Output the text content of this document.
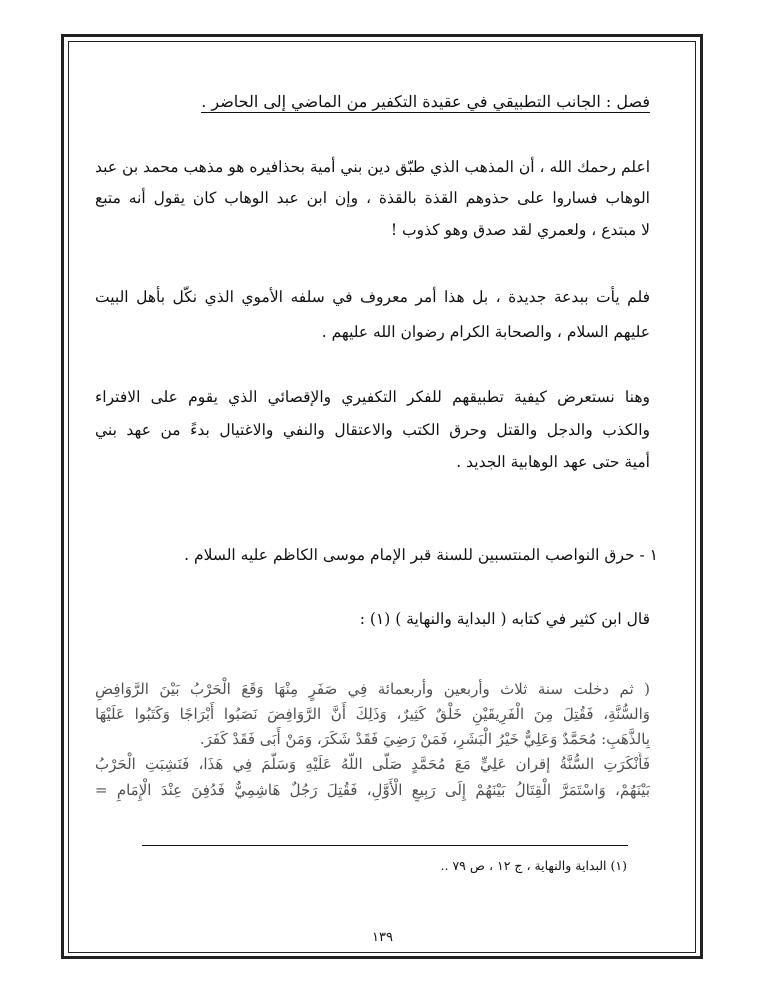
فصل : الجانب التطبيقي في عقيدة التكفير من الماضي إلى الحاضر .
اعلم رحمك الله ، أن المذهب الذي طبّق دين بني أمية بحذافيره هو مذهب محمد بن عبد
الوهاب فساروا على حذوهم القذة بالقذة ، وإن ابن عبد الوهاب كان يقول أنه متبع
لا مبتدع ، ولعمري لقد صدق وهو كذوب !
فلم يأت ببدعة جديدة ، بل هذا أمر معروف في سلفه الأموي الذي نكّل بأهل البيت
عليهم السلام ، والصحابة الكرام رضوان الله عليهم .
وهنا نستعرض كيفية تطبيقهم للفكر التكفيري والإقصائي الذي يقوم على الافتراء
والكذب والدجل والقتل وحرق الكتب والاعتقال والنفي والاغتيال بدءً من عهد بني
أمية حتى عهد الوهابية الجديد .
١ - حرق النواصب المنتسبين للسنة قبر الإمام موسى الكاظم عليه السلام .
قال ابن كثير في كتابه ( البداية والنهاية ) (١) :
( ثم دخلت سنة ثلاث وأربعين وأربعمائة فِي صَفَرٍ مِنْهَا وَقَعَ الْحَرْبُ بَيْنَ الرَّوَافِضِ
وَالسُّنَّةِ، فَقُتِلَ مِنَ الْفَرِيقَيْنِ خَلْقٌ كَثِيرٌ، وَذَلِكَ أَنَّ الرَّوَافِضَ نَصَبُوا أَبْرَاجًا وَكَتَبُوا عَلَيْهَا
بِالذَّهَبِ: مُحَمَّدٌ وَعَلِيٌّ خَيْرُ الْبَشَرِ، فَمَنْ رَضِيَ فَقَدْ شَكَرَ، وَمَنْ أَبَى فَقَدْ كَفَرَ.
فَأَنْكَرَتِ السُّنَّةُ إقران عَلِيٍّ مَعَ مُحَمَّدٍ صَلَّى اللَّهُ عَلَيْهِ وَسَلَّمَ فِي هَذَا، فَنَشِبَتِ الْحَرْبُ
بَيْنَهُمْ، وَاسْتَمَرَّ الْقِتَالُ بَيْنَهُمْ إِلَى رَبِيعٍ الْأَوَّلِ، فَقُتِلَ رَجُلٌ هَاشِمِيٌّ فَدُفِنَ عِنْدَ الْإِمَامِ =
(١) البداية والنهاية ، ج ١٢ ، ص ٧٩ ..
١٣٩
